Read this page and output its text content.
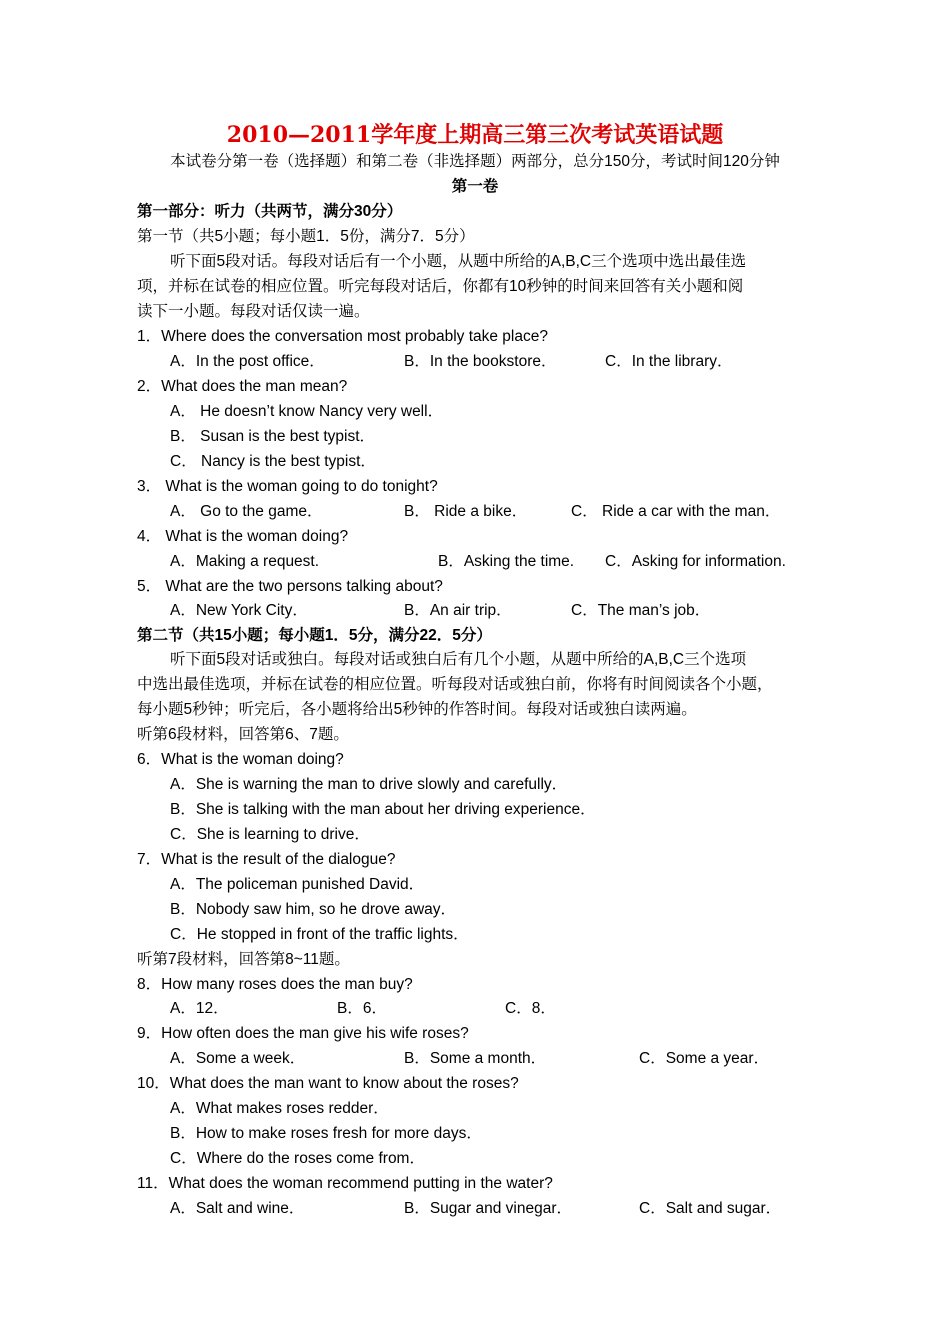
2010—2011学年度上期高三第三次考试英语试题
本试卷分第一卷（选择题）和第二卷（非选择题）两部分，总分150分，考试时间120分钟
第一卷
第一部分：听力（共两节，满分30分）
第一节（共5小题；每小题1．5份，满分7．5分）
听下面5段对话。每段对话后有一个小题，从题中所给的A,B,C三个选项中选出最佳选
项，并标在试卷的相应位置。听完每段对话后，你都有10秒钟的时间来回答有关小题和阅
读下一小题。每段对话仅读一遍。
1．Where does the conversation most probably take place?
A．In the post office．	B．In the bookstore．	C．In the library．
2．What does the man mean?
A． He doesn’t know Nancy very well．
B． Susan is the best typist．
C． Nancy is the best typist．
3． What is the woman going to do tonight?
A． Go to the game．	B． Ride a bike．	C． Ride a car with the man．
4． What is the woman doing?
A．Making a request.	B．Asking the time. C．Asking for information.
5． What are the two persons talking about?
A．New York City．	B．An air trip．	C．The man’s job．
第二节（共15小题；每小题1．5分，满分22．5分）
听下面5段对话或独白。每段对话或独白后有几个小题，从题中所给的A,B,C三个选项
中选出最佳选项，并标在试卷的相应位置。听每段对话或独白前，你将有时间阅读各个小题，
每小题5秒钟；听完后，各小题将给出5秒钟的作答时间。每段对话或独白读两遍。
听第6段材料，回答第6、7题。
6．What is the woman doing?
A．She is warning the man to drive slowly and carefully．
B．She is talking with the man about her driving experience．
C．She is learning to drive．
7．What is the result of the dialogue?
A．The policeman punished David．
B．Nobody saw him, so he drove away．
C．He stopped in front of the traffic lights．
听第7段材料，回答第8~11题。
8．How many roses does the man buy?
A．12．	B．6．	C．8．
9．How often does the man give his wife roses?
A．Some a week．	B．Some a month．	C．Some a year．
10．What does the man want to know about the roses?
A．What makes roses redder．
B．How to make roses fresh for more days．
C．Where do the roses come from．
11．What does the woman recommend putting in the water?
A．Salt and wine．	B．Sugar and vinegar．	C．Salt and sugar．
